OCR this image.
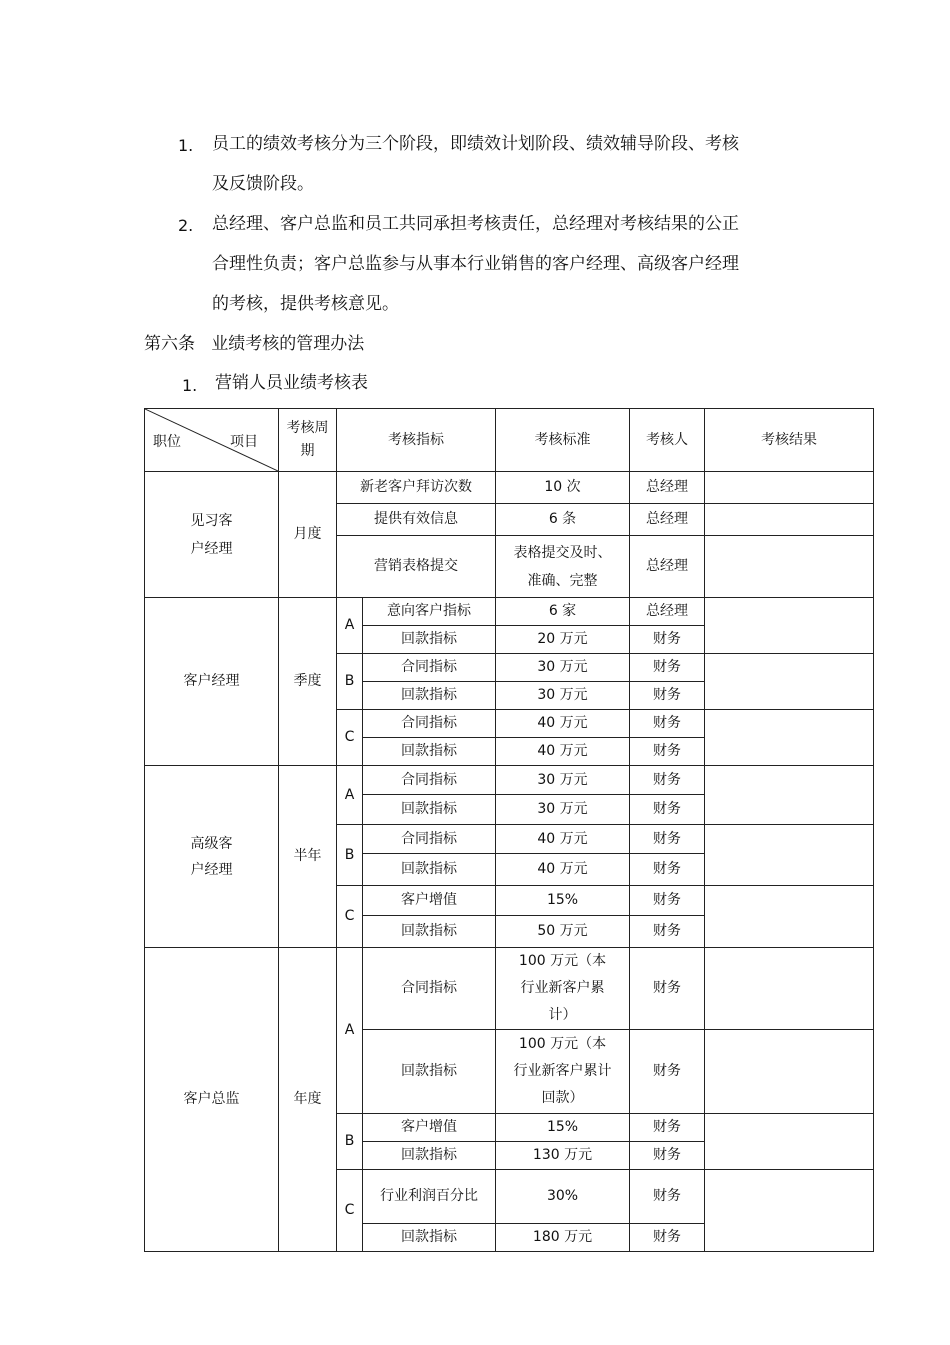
1. 员工的绩效考核分为三个阶段，即绩效计划阶段、绩效辅导阶段、考核
及反馈阶段。
2. 总经理、客户总监和员工共同承担考核责任，总经理对考核结果的公正
合理性负责；客户总监参与从事本行业销售的客户经理、高级客户经理
的考核，提供考核意见。
第六条   业绩考核的管理办法
1. 营销人员业绩考核表
职位 项目	考核周期	考核指标		考核标准	考核人	考核结果
见习客户经理	月度	新老客户拜访次数		10 次	总经理	
		提供有效信息		6 条	总经理	
		营销表格提交		表格提交及时、准确、完整	总经理	
客户经理	季度	A	意向客户指标	6 家	总经理	
			回款指标	20 万元	财务	
		B	合同指标	30 万元	财务	
			回款指标	30 万元	财务	
		C	合同指标	40 万元	财务	
			回款指标	40 万元	财务	
高级客户经理	半年	A	合同指标	30 万元	财务	
			回款指标	30 万元	财务	
		B	合同指标	40 万元	财务	
			回款指标	40 万元	财务	
		C	客户增值	15%	财务	
			回款指标	50 万元	财务	
客户总监	年度	A	合同指标	100 万元（本行业新客户累计）	财务	
			回款指标	100 万元（本行业新客户累计回款）	财务	
		B	客户增值	15%	财务	
			回款指标	130 万元	财务	
		C	行业利润百分比	30%	财务	
			回款指标	180 万元	财务	
